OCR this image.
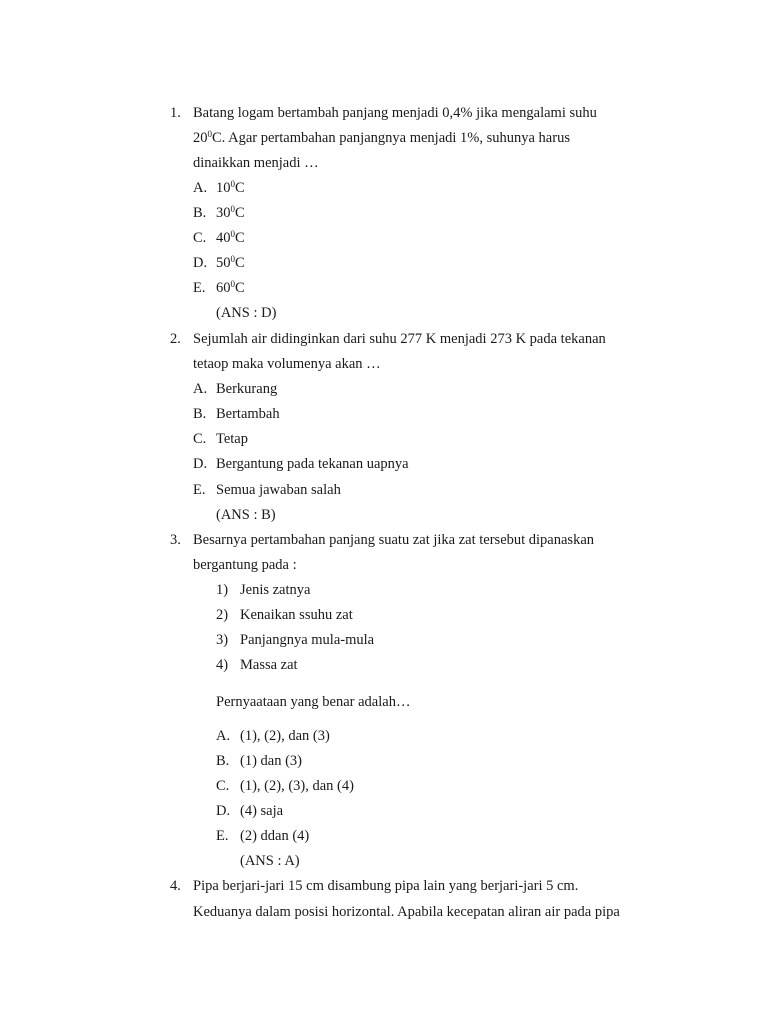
1. Batang logam bertambah panjang menjadi 0,4% jika mengalami suhu
$20^0C$. Agar pertambahan panjangnya menjadi 1%, suhunya harus
dinaikkan menjadi …
A. $10^0C$
B. $30^0C$
C. $40^0C$
D. $50^0C$
E. $60^0C$
(ANS : D)
2. Sejumlah air didinginkan dari suhu 277 K menjadi 273 K pada tekanan
tetaop maka volumenya akan …
A. Berkurang
B. Bertambah
C. Tetap
D. Bergantung pada tekanan uapnya
E. Semua jawaban salah
(ANS : B)
3. Besarnya pertambahan panjang suatu zat jika zat tersebut dipanaskan
bergantung pada :
1) Jenis zatnya
2) Kenaikan ssuhu zat
3) Panjangnya mula-mula
4) Massa zat
Pernyaataan yang benar adalah…
A. (1), (2), dan (3)
B. (1) dan (3)
C. (1), (2), (3), dan (4)
D. (4) saja
E. (2) ddan (4)
(ANS : A)
4. Pipa berjari-jari 15 cm disambung pipa lain yang berjari-jari 5 cm.
Keduanya dalam posisi horizontal. Apabila kecepatan aliran air pada pipa
